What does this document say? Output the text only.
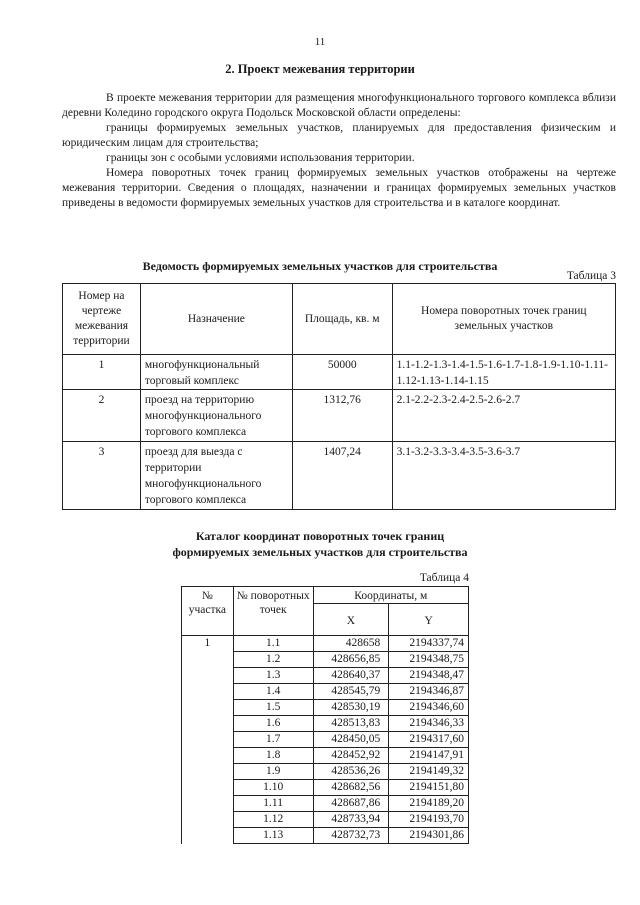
11
2. Проект межевания территории

В проекте межевания территории для размещения многофункционального торгового комплекса вблизи деревни Коледино городского округа Подольск Московской области определены:

границы формируемых земельных участков, планируемых для предоставления физическим и юридическим лицам для строительства;

границы зон с особыми условиями использования территории.

Номера поворотных точек границ формируемых земельных участков отображены на чертеже межевания территории. Сведения о площадях, назначении и границах формируемых земельных участков приведены в ведомости формируемых земельных участков для строительства и в каталоге координат.

Ведомость формируемых земельных участков для строительства
Таблица 3
Номер на чертеже межевания территории	Назначение	Площадь, кв. м	Номера поворотных точек границ земельных участков
1	многофункциональный торговый комплекс	50000	1.1-1.2-1.3-1.4-1.5-1.6-1.7-1.8-1.9-1.10-1.11-1.12-1.13-1.14-1.15
2	проезд на территорию многофункционального торгового комплекса	1312,76	2.1-2.2-2.3-2.4-2.5-2.6-2.7
3	проезд для выезда с территории многофункционального торгового комплекса	1407,24	3.1-3.2-3.3-3.4-3.5-3.6-3.7
Каталог координат поворотных точек границ
формируемых земельных участков для строительства
Таблица 4
№ участка	№ поворотных точек	Координаты, м	
		X	Y
1	1.1	428658	2194337,74
	1.2	428656,85	2194348,75
	1.3	428640,37	2194348,47
	1.4	428545,79	2194346,87
	1.5	428530,19	2194346,60
	1.6	428513,83	2194346,33
	1.7	428450,05	2194317,60
	1.8	428452,92	2194147,91
	1.9	428536,26	2194149,32
	1.10	428682,56	2194151,80
	1.11	428687,86	2194189,20
	1.12	428733,94	2194193,70
	1.13	428732,73	2194301,86
